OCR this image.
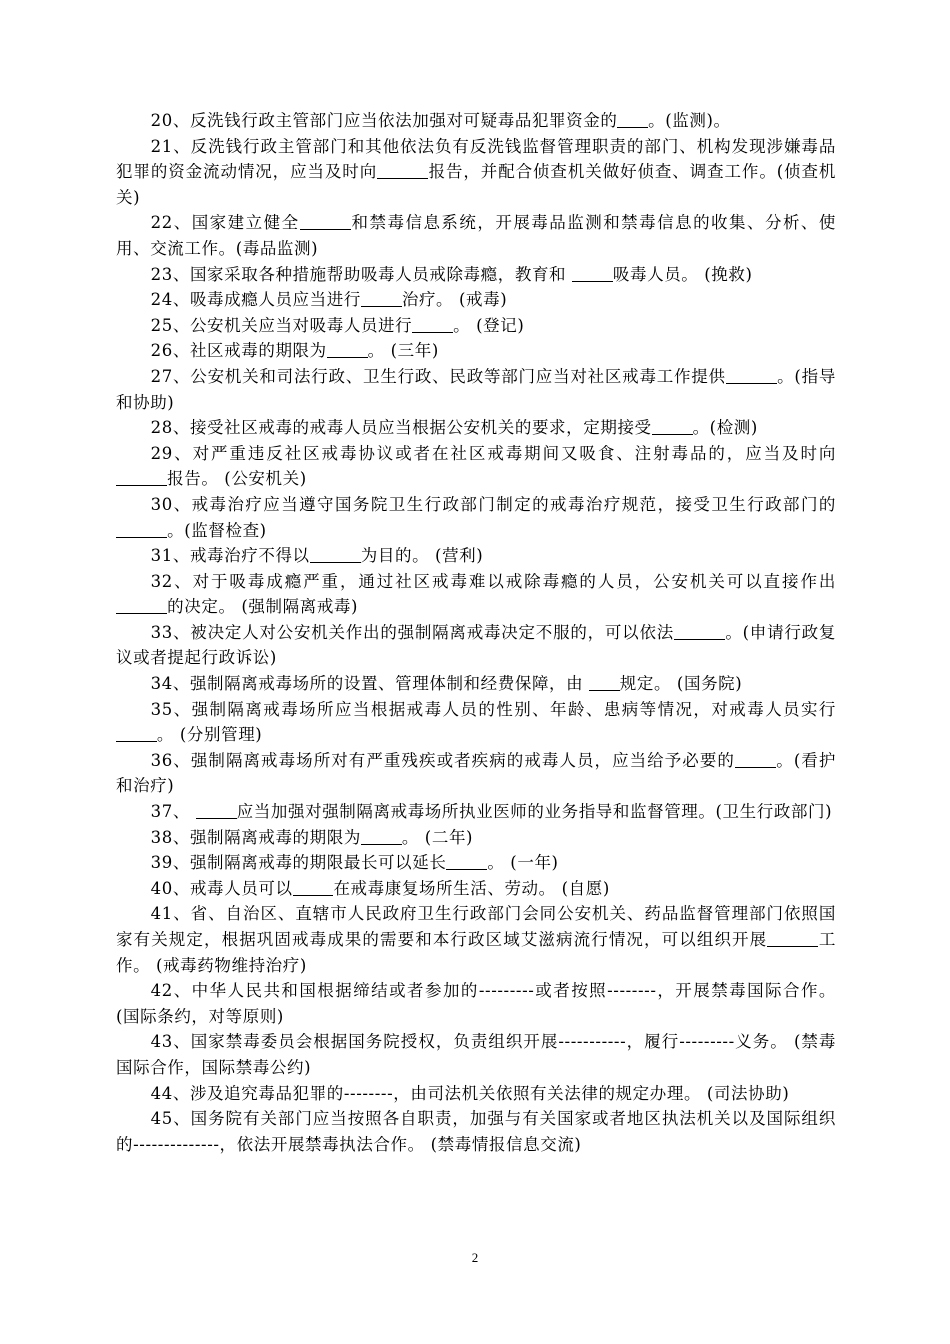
20、反洗钱行政主管部门应当依法加强对可疑毒品犯罪资金的 。(监测)。

21、反洗钱行政主管部门和其他依法负有反洗钱监督管理职责的部门、机构发现涉嫌毒品犯罪的资金流动情况，应当及时向	报告，并配合侦查机关做好侦查、调查工作。(侦查机关)

22、国家建立健全	和禁毒信息系统，开展毒品监测和禁毒信息的收集、分析、使用、交流工作。(毒品监测)

23、国家采取各种措施帮助吸毒人员戒除毒瘾，教育和 吸毒人员。 (挽救)

24、吸毒成瘾人员应当进行 治疗。 (戒毒)

25、公安机关应当对吸毒人员进行 。 (登记)

26、社区戒毒的期限为 。 (三年)

27、公安机关和司法行政、卫生行政、民政等部门应当对社区戒毒工作提供	。(指导和协助)

28、接受社区戒毒的戒毒人员应当根据公安机关的要求，定期接受 。(检测)

29、对严重违反社区戒毒协议或者在社区戒毒期间又吸食、注射毒品的，应当及时向报告。 (公安机关)

30、戒毒治疗应当遵守国务院卫生行政部门制定的戒毒治疗规范，接受卫生行政部门的。(监督检查)

31、戒毒治疗不得以	为目的。 (营利)

32、对于吸毒成瘾严重，通过社区戒毒难以戒除毒瘾的人员，公安机关可以直接作出的决定。 (强制隔离戒毒)

33、被决定人对公安机关作出的强制隔离戒毒决定不服的，可以依法	。(申请行政复议或者提起行政诉讼)

34、强制隔离戒毒场所的设置、管理体制和经费保障，由 规定。 (国务院)

35、强制隔离戒毒场所应当根据戒毒人员的性别、年龄、患病等情况，对戒毒人员实行。 (分别管理)

36、强制隔离戒毒场所对有严重残疾或者疾病的戒毒人员，应当给予必要的 。(看护和治疗)

37、 应当加强对强制隔离戒毒场所执业医师的业务指导和监督管理。(卫生行政部门)

38、强制隔离戒毒的期限为 。 (二年)

39、强制隔离戒毒的期限最长可以延长 。 (一年)

40、戒毒人员可以 在戒毒康复场所生活、劳动。 (自愿)

41、省、自治区、直辖市人民政府卫生行政部门会同公安机关、药品监督管理部门依照国家有关规定，根据巩固戒毒成果的需要和本行政区域艾滋病流行情况，可以组织开展	工作。 (戒毒药物维持治疗)

42、中华人民共和国根据缔结或者参加的---------或者按照--------，开展禁毒国际合作。 (国际条约，对等原则)

43、国家禁毒委员会根据国务院授权，负责组织开展-----------，履行---------义务。 (禁毒国际合作，国际禁毒公约)

44、涉及追究毒品犯罪的--------，由司法机关依照有关法律的规定办理。 (司法协助)

45、国务院有关部门应当按照各自职责，加强与有关国家或者地区执法机关以及国际组织的--------------，依法开展禁毒执法合作。 (禁毒情报信息交流)

2
